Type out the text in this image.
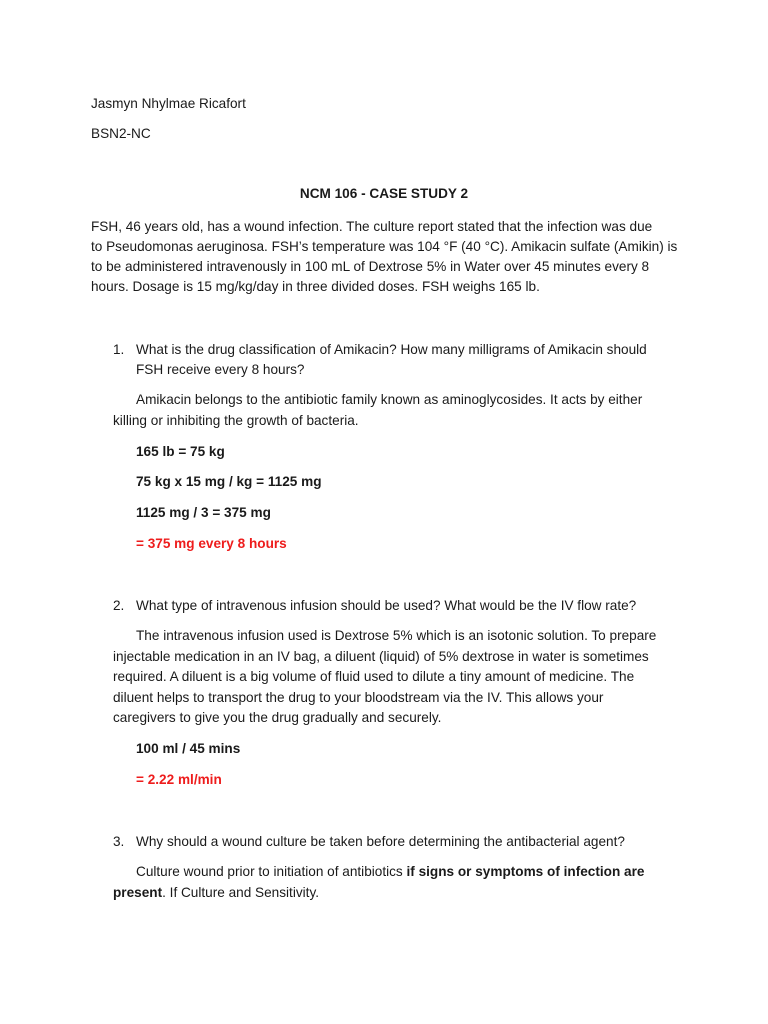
Jasmyn Nhylmae Ricafort
BSN2-NC
NCM 106 - CASE STUDY 2
FSH, 46 years old, has a wound infection. The culture report stated that the infection was due
to Pseudomonas aeruginosa. FSH’s temperature was 104 °F (40 °C). Amikacin sulfate (Amikin) is
to be administered intravenously in 100 mL of Dextrose 5% in Water over 45 minutes every 8
hours. Dosage is 15 mg/kg/day in three divided doses. FSH weighs 165 lb.
1. What is the drug classification of Amikacin? How many milligrams of Amikacin should
FSH receive every 8 hours?
Amikacin belongs to the antibiotic family known as aminoglycosides. It acts by either
killing or inhibiting the growth of bacteria.
165 lb = 75 kg
75 kg x 15 mg / kg = 1125 mg
1125 mg / 3 = 375 mg
= 375 mg every 8 hours
2. What type of intravenous infusion should be used? What would be the IV flow rate?
The intravenous infusion used is Dextrose 5% which is an isotonic solution. To prepare
injectable medication in an IV bag, a diluent (liquid) of 5% dextrose in water is sometimes
required. A diluent is a big volume of fluid used to dilute a tiny amount of medicine. The
diluent helps to transport the drug to your bloodstream via the IV. This allows your
caregivers to give you the drug gradually and securely.
100 ml / 45 mins
= 2.22 ml/min
3. Why should a wound culture be taken before determining the antibacterial agent?
Culture wound prior to initiation of antibiotics if signs or symptoms of infection are
present. If Culture and Sensitivity.
